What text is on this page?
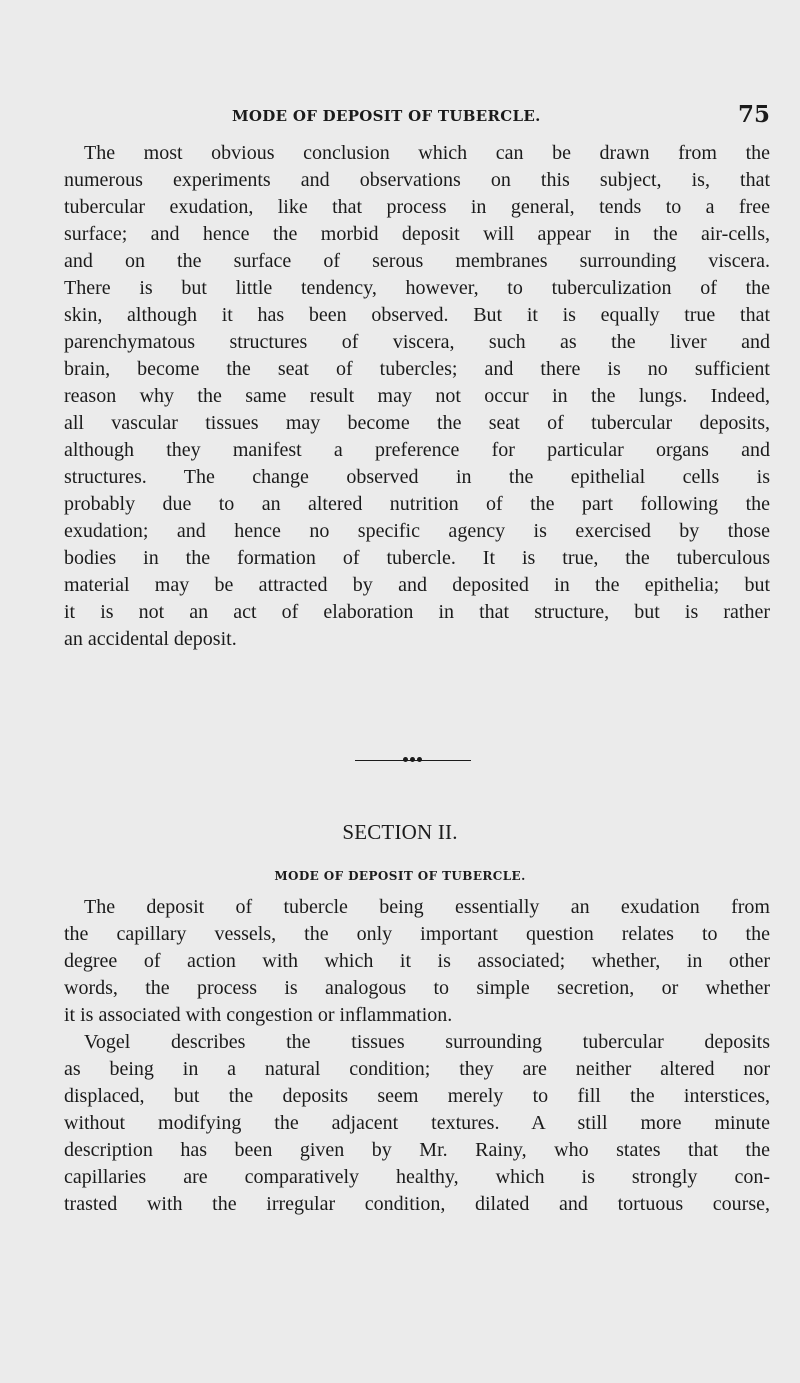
MODE OF DEPOSIT OF TUBERCLE.	75
The most obvious conclusion which can be drawn from the
numerous experiments and observations on this subject, is, that
tubercular exudation, like that process in general, tends to a free
surface; and hence the morbid deposit will appear in the air-cells,
and on the surface of serous membranes surrounding viscera.
There is but little tendency, however, to tuberculization of the
skin, although it has been observed. But it is equally true that
parenchymatous structures of viscera, such as the liver and
brain, become the seat of tubercles; and there is no sufficient
reason why the same result may not occur in the lungs. Indeed,
all vascular tissues may become the seat of tubercular deposits,
although they manifest a preference for particular organs and
structures. The change observed in the epithelial cells is
probably due to an altered nutrition of the part following the
exudation; and hence no specific agency is exercised by those
bodies in the formation of tubercle. It is true, the tuberculous
material may be attracted by and deposited in the epithelia; but
it is not an act of elaboration in that structure, but is rather
an accidental deposit.
SECTION II.
MODE OF DEPOSIT OF TUBERCLE.
The deposit of tubercle being essentially an exudation from
the capillary vessels, the only important question relates to the
degree of action with which it is associated; whether, in other
words, the process is analogous to simple secretion, or whether
it is associated with congestion or inflammation.
Vogel describes the tissues surrounding tubercular deposits
as being in a natural condition; they are neither altered nor
displaced, but the deposits seem merely to fill the interstices,
without modifying the adjacent textures. A still more minute
description has been given by Mr. Rainy, who states that the
capillaries are comparatively healthy, which is strongly con-
trasted with the irregular condition, dilated and tortuous course,
